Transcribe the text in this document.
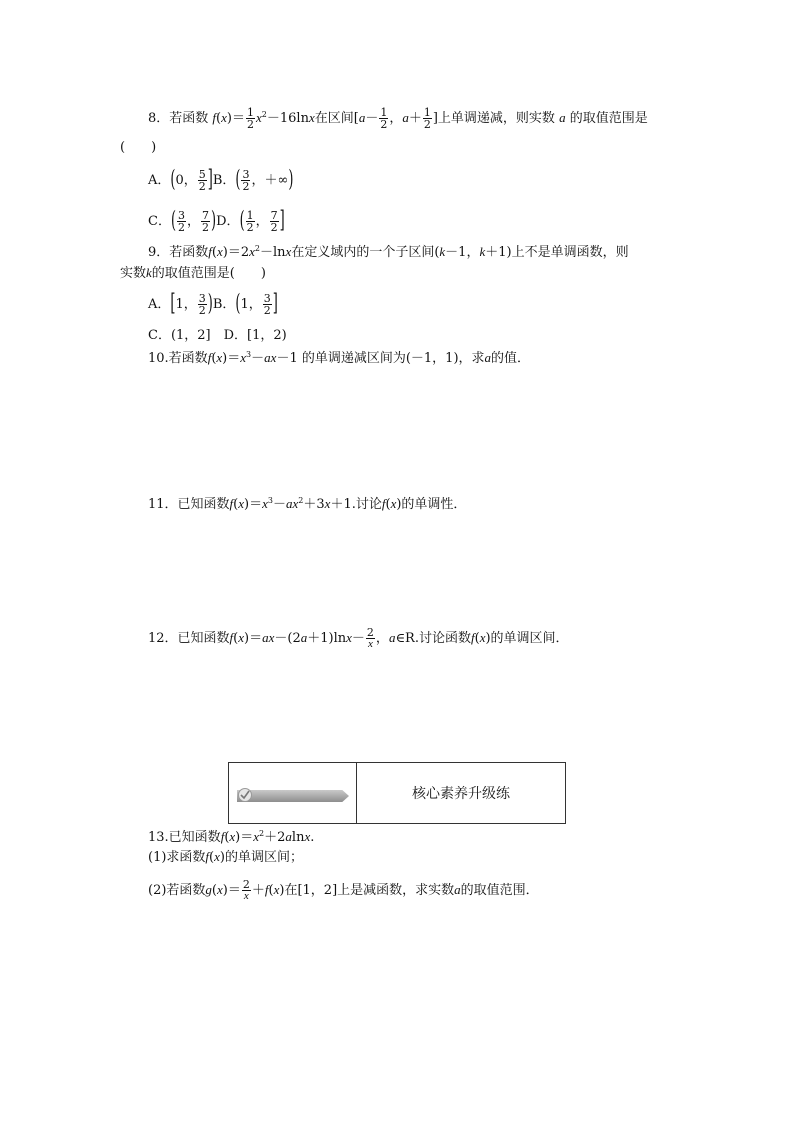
8．若函数 $f(x)= \frac{1}{2} x^2-16\ln x$在区间[$a- \frac{1}{2}$ ，$a+ \frac{1}{2}$ ]上单调递减，则实数 a 的取值范围是
(　　)
A．(0， $\frac{5}{2} ]B$．( $\frac{3}{2}$ ，＋∞)
C．( $\frac{3}{2}$ ， $\frac{7}{2} )D$．( $\frac{1}{2}$ ， $\frac{7}{2}$ ]
9．若函数$f(x)=2x^2-\ln x$在定义域内的一个子区间(k－1，k＋1)上不是单调函数，则
实数k的取值范围是(　　)
A．[1， $\frac{3}{2} )B$．(1， $\frac{3}{2}$ ]
C．(1，2]　D．[1，2)
10.若函数$f(x)=x^3-ax-1$ 的单调递减区间为(－1，1)，求a的值．
11．已知函数$f(x)=x^3-ax^2+3x+1$.讨论f(x)的单调性．
12．已知函数$f(x)=ax-(2a+1)\ln x- \frac{2}{x}$ ，a∈R.讨论函数f(x)的单调区间．
核心素养升级练
13.已知函数$f(x)=x^2+2alnx$.
(1)求函数f(x)的单调区间；
(2)若函数$g(x)= \frac{2}{x} +f(x)$在[1，2]上是减函数，求实数a的取值范围．
